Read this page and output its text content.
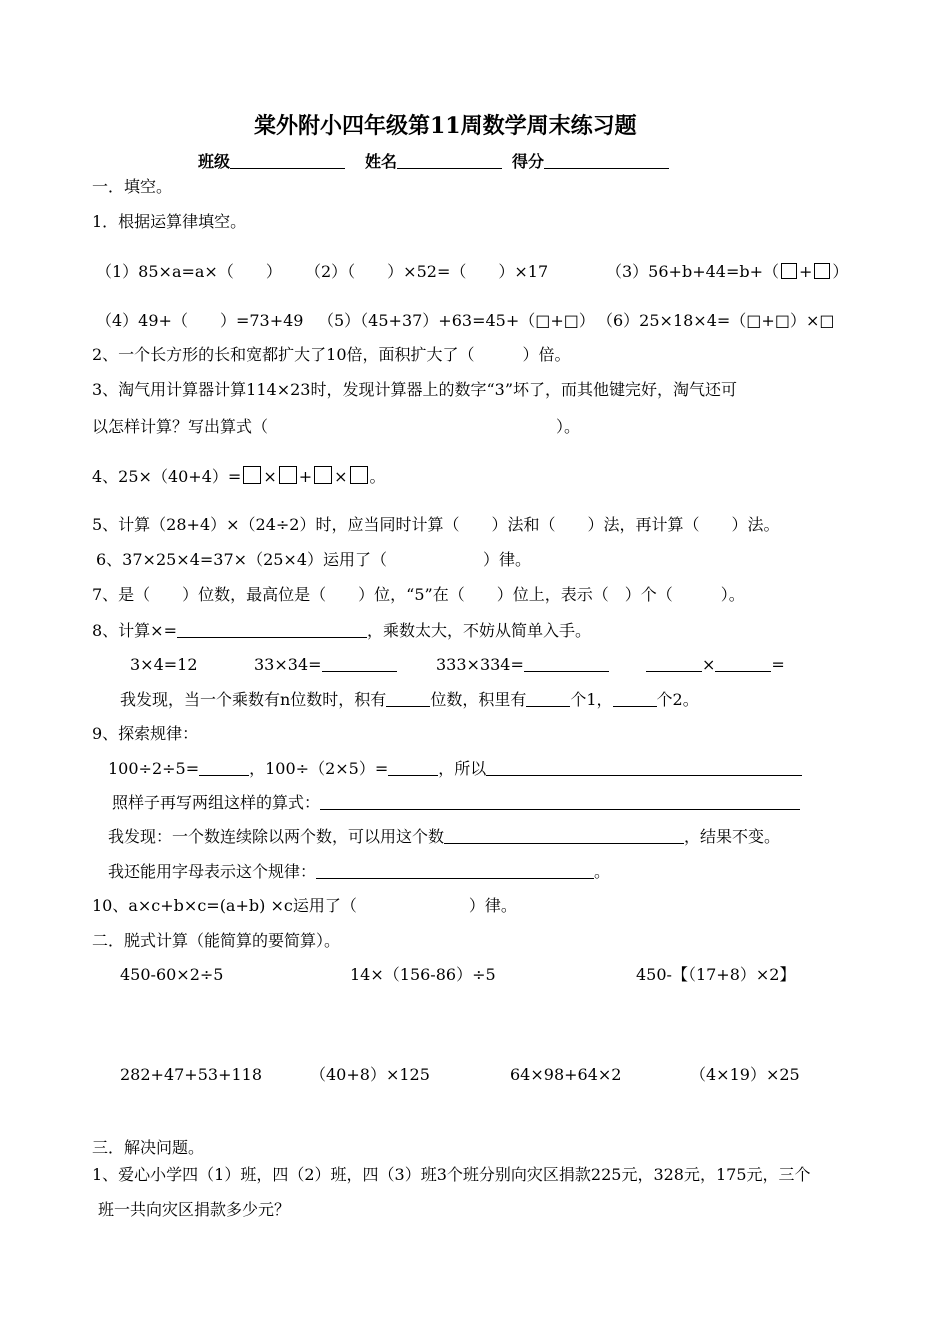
棠外附小四年级第11周数学周末练习题
班级	姓名	得分
一．填空。
1．根据运算律填空。
（1）85×a=a×（　　） （2）（　　）×52=（　　）×17	（3）56+b+44=b+（ + ）
（4）49+（　　）=73+49 （5）（45+37）+63=45+（□+□） （6）25×18×4=（□+□）×□
2、一个长方形的长和宽都扩大了10倍，面积扩大了（　　　）倍。
3、淘气用计算器计算114×23时，发现计算器上的数字“3”坏了，而其他键完好，淘气还可
以怎样计算？写出算式（　　　　　　　　　　　　　　　　　　）。
4、25×（40+4）= × + × 。
5、计算（28+4）×（24÷2）时，应当同时计算（　　）法和（　　）法，再计算（　　）法。
6、37×25×4=37×（25×4）运用了（　　　　　　）律。
7、是（　　）位数，最高位是（　　）位，“5”在（　　）位上，表示（　）个（　　　）。
8、计算×=	，乘数太大，不妨从简单入手。
3×4=12	33×34=	333×334=	×	=
我发现，当一个乘数有n位数时，积有	位数，积里有	个1，	个2。
9、探索规律：
100÷2÷5=	，100÷（2×5）=	，所以
照样子再写两组这样的算式：
我发现：一个数连续除以两个数，可以用这个数	，结果不变。
我还能用字母表示这个规律：	。
10、a×c+b×c=(a+b) ×c运用了（　　　　　　　）律。
二．脱式计算（能简算的要简算）。
450-60×2÷5	14×（156-86）÷5	450-【（17+8）×2】
282+47+53+118	（40+8）×125	64×98+64×2	（4×19）×25
三．解决问题。
1、爱心小学四（1）班，四（2）班，四（3）班3个班分别向灾区捐款225元，328元，175元，三个
班一共向灾区捐款多少元？
